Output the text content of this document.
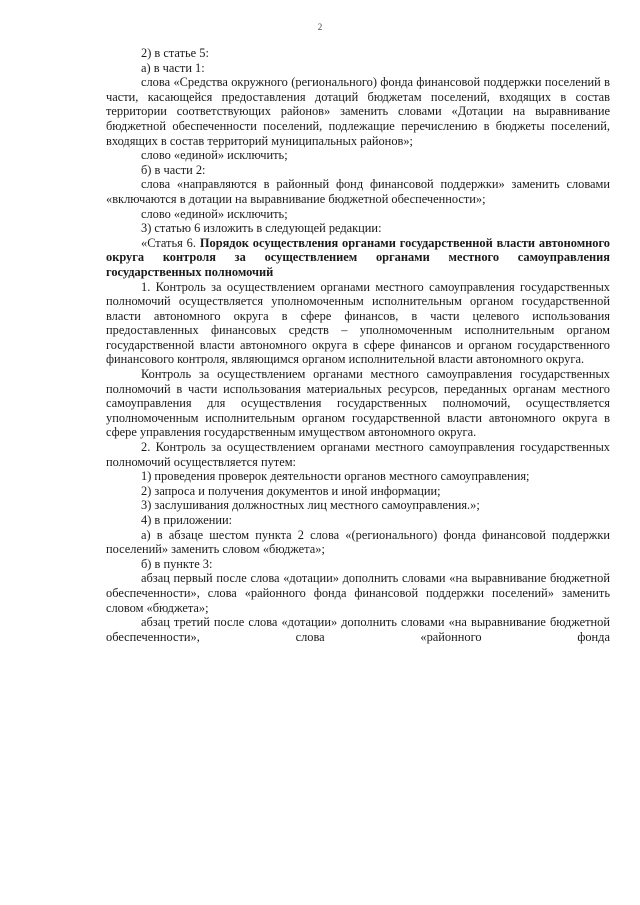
2

2) в статье 5:

а) в части 1:

слова «Средства окружного (регионального) фонда финансовой поддержки поселений в части, касающейся предоставления дотаций бюджетам поселений, входящих в состав территории соответствующих районов» заменить словами «Дотации на выравнивание бюджетной обеспеченности поселений, подлежащие перечислению в бюджеты поселений, входящих в состав территорий муниципальных районов»;

слово «единой» исключить;

б) в части 2:

слова «направляются в районный фонд финансовой поддержки» заменить словами «включаются в дотации на выравнивание бюджетной обеспеченности»;

слово «единой» исключить;

3) статью 6 изложить в следующей редакции:

«Статья 6. Порядок осуществления органами государственной власти автономного округа контроля за осуществлением органами местного самоуправления государственных полномочий

1. Контроль за осуществлением органами местного самоуправления государственных полномочий осуществляется уполномоченным исполнительным органом государственной власти автономного округа в сфере финансов, в части целевого использования предоставленных финансовых средств – уполномоченным исполнительным органом государственной власти автономного округа в сфере финансов и органом государственного финансового контроля, являющимся органом исполнительной власти автономного округа.

Контроль за осуществлением органами местного самоуправления государственных полномочий в части использования материальных ресурсов, переданных органам местного самоуправления для осуществления государственных полномочий, осуществляется уполномоченным исполнительным органом государственной власти автономного округа в сфере управления государственным имуществом автономного округа.

2. Контроль за осуществлением органами местного самоуправления государственных полномочий осуществляется путем:

1) проведения проверок деятельности органов местного самоуправления;

2) запроса и получения документов и иной информации;

3) заслушивания должностных лиц местного самоуправления.»;

4) в приложении:

а) в абзаце шестом пункта 2 слова «(регионального) фонда финансовой поддержки поселений» заменить словом «бюджета»;

б) в пункте 3:

абзац первый после слова «дотации» дополнить словами «на выравнивание бюджетной обеспеченности», слова «районного фонда финансовой поддержки поселений» заменить словом «бюджета»;

абзац третий после слова «дотации» дополнить словами «на выравнивание бюджетной обеспеченности», слова «районного фонда
